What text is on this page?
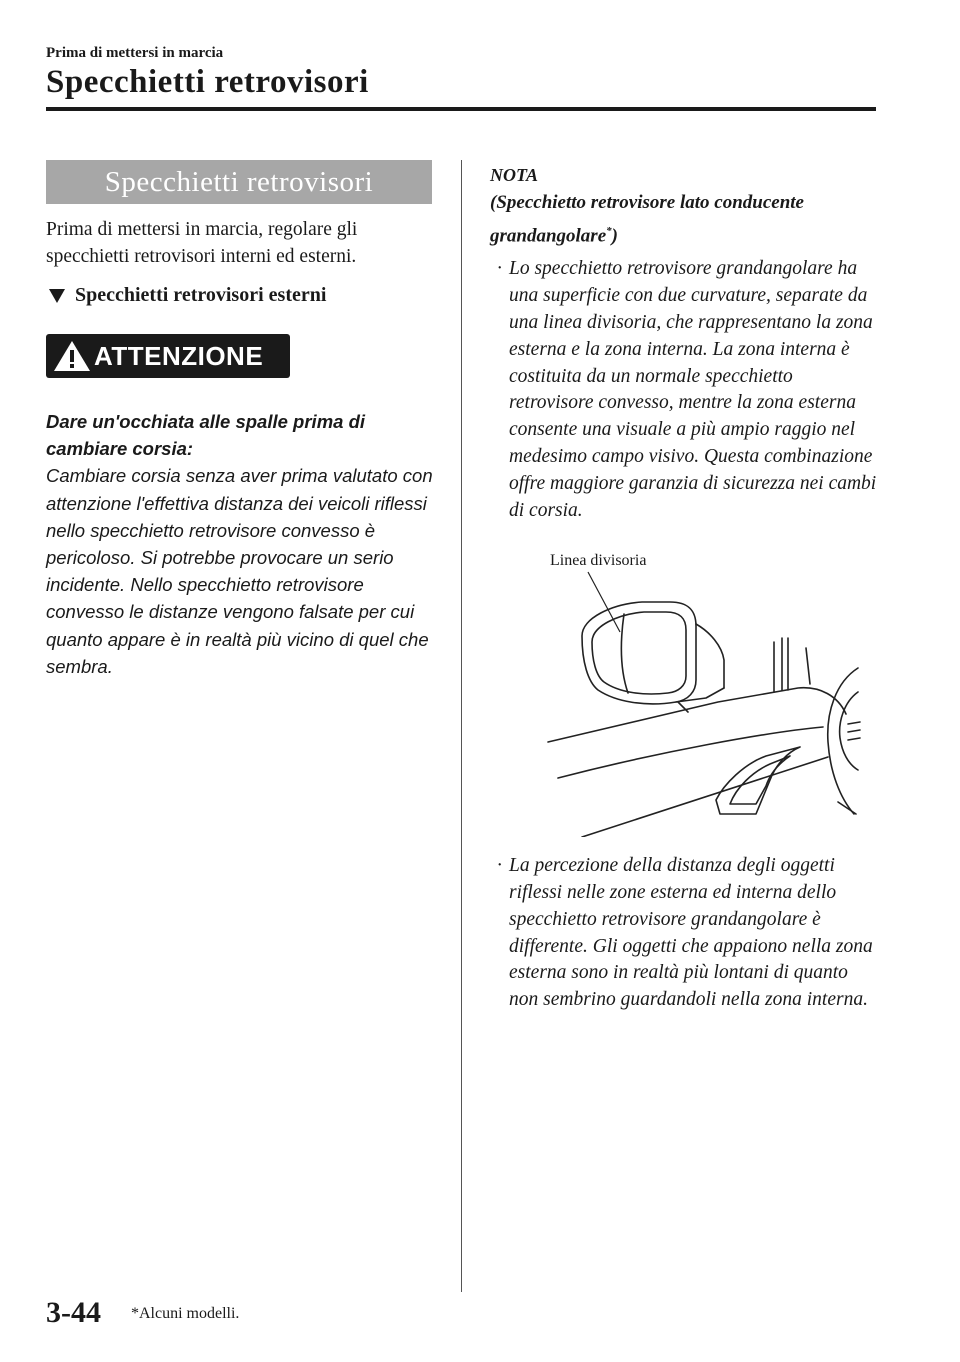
Prima di mettersi in marcia
Specchietti retrovisori
Specchietti retrovisori

Prima di mettersi in marcia, regolare gli specchietti retrovisori interni ed esterni.

Specchietti retrovisori esterni
ATTENZIONE

Dare un'occhiata alle spalle prima di cambiare corsia:

Cambiare corsia senza aver prima valutato con attenzione l'effettiva distanza dei veicoli riflessi nello specchietto retrovisore convesso è pericoloso. Si potrebbe provocare un serio incidente. Nello specchietto retrovisore convesso le distanze vengono falsate per cui quanto appare è in realtà più vicino di quel che sembra.

NOTA

(Specchietto retrovisore lato conducente grandangolare*)

· Lo specchietto retrovisore grandangolare ha una superficie con due curvature, separate da una linea divisoria, che rappresentano la zona esterna e la zona interna. La zona interna è costituita da un normale specchietto retrovisore convesso, mentre la zona esterna consente una visuale a più ampio raggio nel medesimo campo visivo. Questa combinazione offre maggiore garanzia di sicurezza nei cambi di corsia.
Linea divisoria
· La percezione della distanza degli oggetti riflessi nelle zone esterna ed interna dello specchietto retrovisore grandangolare è differente. Gli oggetti che appaiono nella zona esterna sono in realtà più lontani di quanto non sembrino guardandoli nella zona interna.
3-44 *Alcuni modelli.
